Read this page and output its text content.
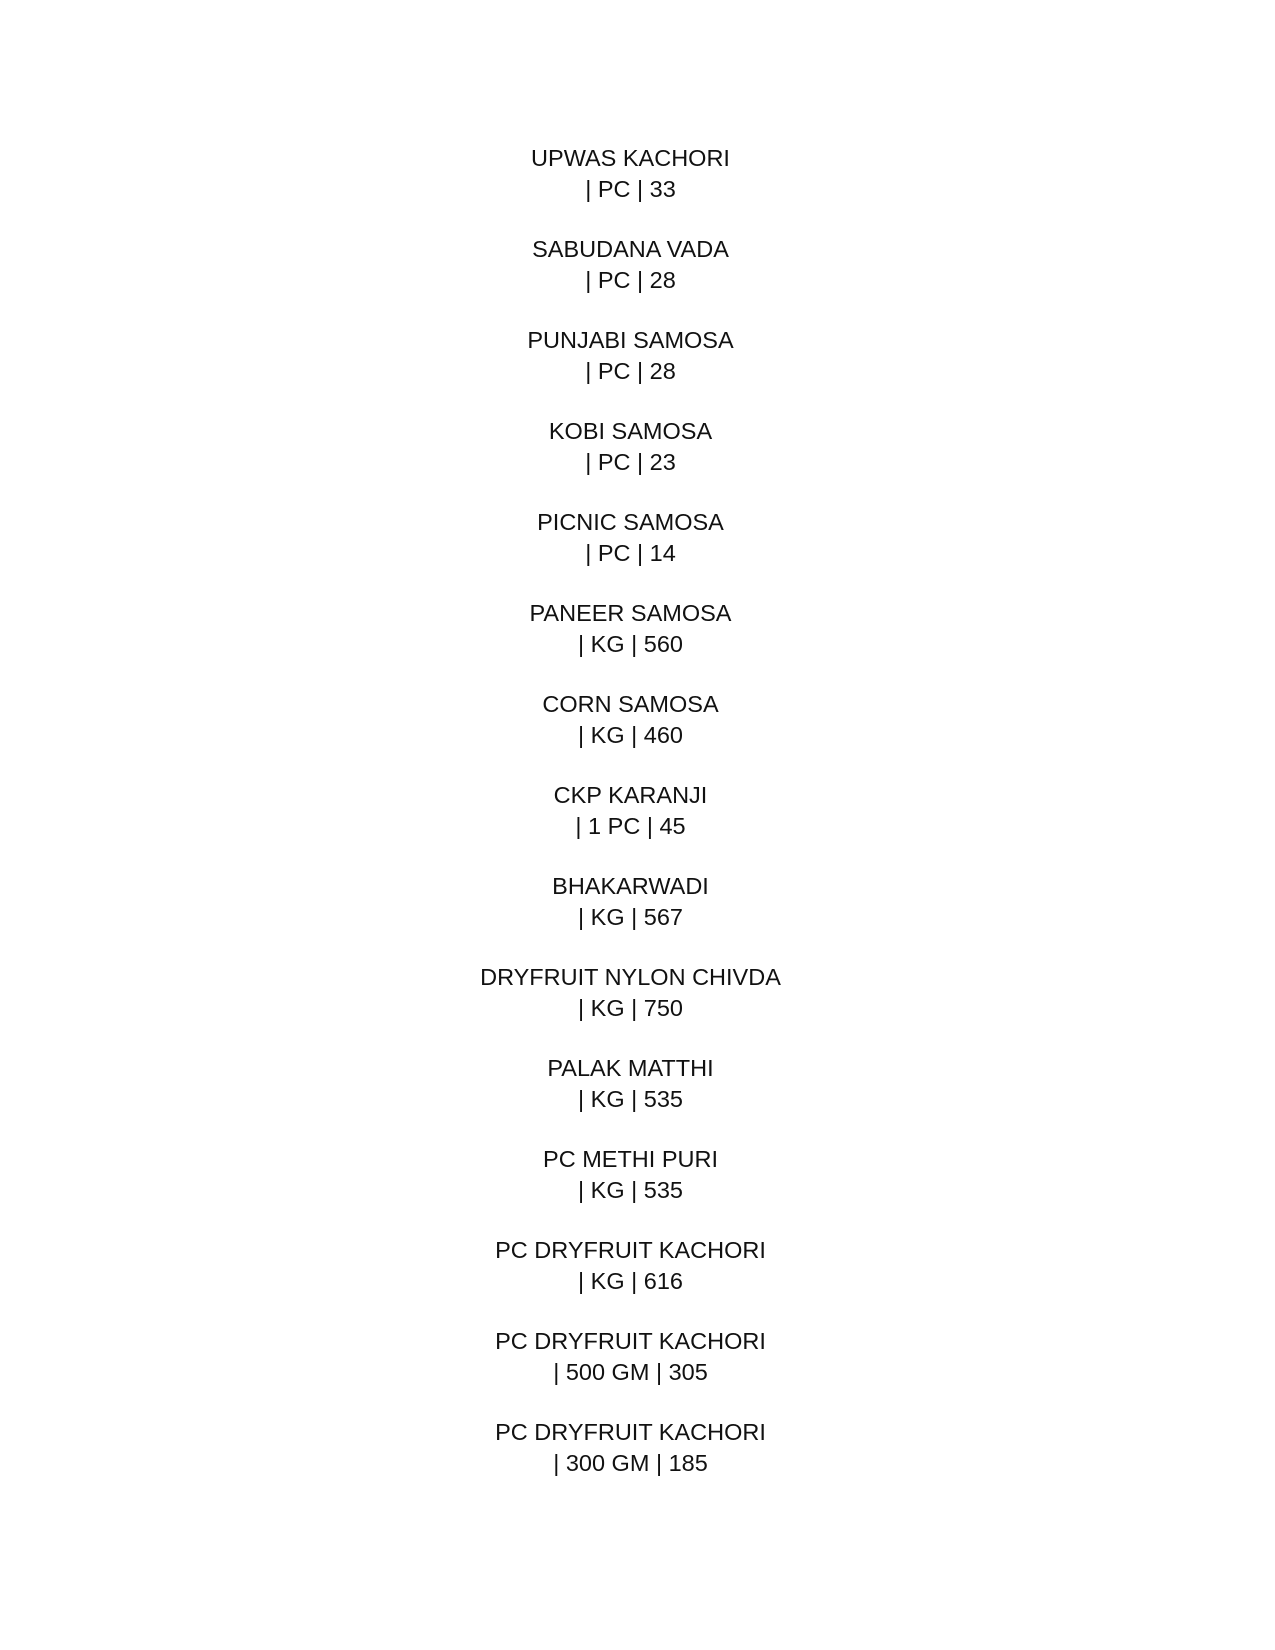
UPWAS KACHORI
| PC | 33
SABUDANA VADA
| PC | 28
PUNJABI SAMOSA
| PC | 28
KOBI SAMOSA
| PC | 23
PICNIC SAMOSA
| PC | 14
PANEER SAMOSA
| KG | 560
CORN SAMOSA
| KG | 460
CKP KARANJI
| 1 PC | 45
BHAKARWADI
| KG | 567
DRYFRUIT NYLON CHIVDA
| KG | 750
PALAK MATTHI
| KG | 535
PC METHI PURI
| KG | 535
PC DRYFRUIT KACHORI
| KG | 616
PC DRYFRUIT KACHORI
| 500 GM | 305
PC DRYFRUIT KACHORI
| 300 GM | 185
